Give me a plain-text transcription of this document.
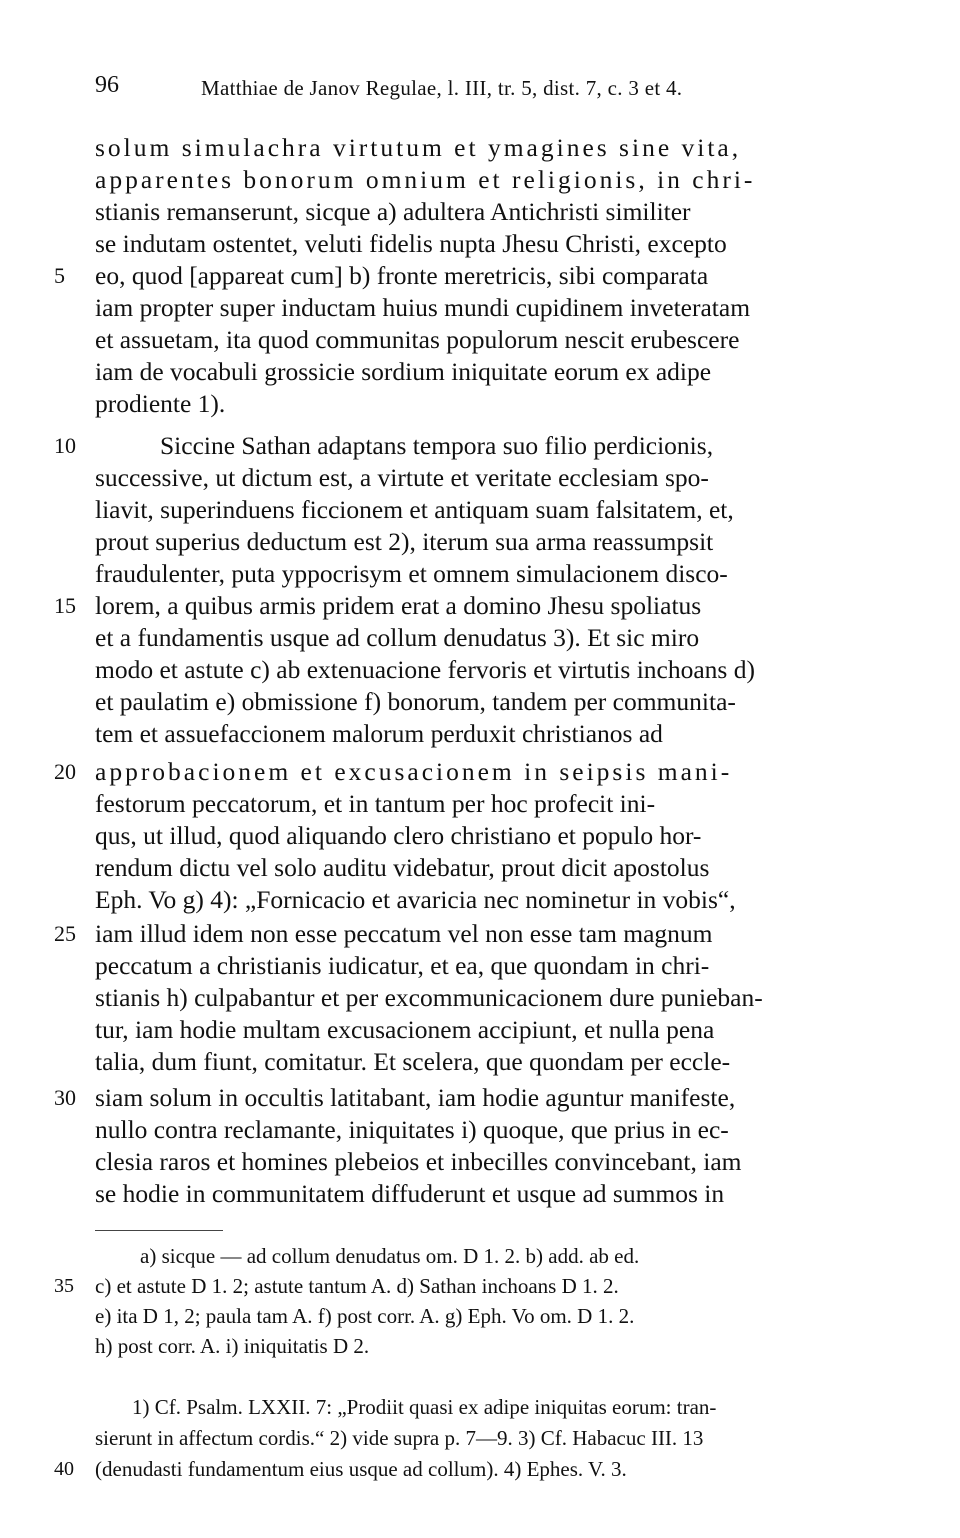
96	Matthiae de Janov Regulae, l. III, tr. 5, dist. 7, c. 3 et 4.
solum simulachra virtutum et ymagines sine vita,
apparentes bonorum omnium et religionis, in chri-
stianis remanserunt, sicque a) adultera Antichristi similiter
se indutam ostentet, veluti fidelis nupta Jhesu Christi, excepto
eo, quod [appareat cum] b) fronte meretricis, sibi comparata
iam propter super inductam huius mundi cupidinem inveteratam
et assuetam, ita quod communitas populorum nescit erubescere
iam de vocabuli grossicie sordium iniquitate eorum ex adipe
prodiente 1).
Siccine Sathan adaptans tempora suo filio perdicionis,
successive, ut dictum est, a virtute et veritate ecclesiam spo-
liavit, superinduens ficcionem et antiquam suam falsitatem, et,
prout superius deductum est 2), iterum sua arma reassumpsit
fraudulenter, puta yppocrisym et omnem simulacionem disco-
lorem, a quibus armis pridem erat a domino Jhesu spoliatus
et a fundamentis usque ad collum denudatus 3). Et sic miro
modo et astute c) ab extenuacione fervoris et virtutis inchoans d)
et paulatim e) obmissione f) bonorum, tandem per communita-
tem et assuefaccionem malorum perduxit christianos ad
approbacionem et excusacionem in seipsis mani-
festorum peccatorum, et in tantum per hoc profecit ini-
qus, ut illud, quod aliquando clero christiano et populo hor-
rendum dictu vel solo auditu videbatur, prout dicit apostolus
Eph. Vo g) 4): „Fornicacio et avaricia nec nominetur in vobis“,
iam illud idem non esse peccatum vel non esse tam magnum
peccatum a christianis iudicatur, et ea, que quondam in chri-
stianis h) culpabantur et per excommunicacionem dure punieban-
tur, iam hodie multam excusacionem accipiunt, et nulla pena
talia, dum fiunt, comitatur. Et scelera, que quondam per eccle-
siam solum in occultis latitabant, iam hodie aguntur manifeste,
nullo contra reclamante, iniquitates i) quoque, que prius in ec-
clesia raros et homines plebeios et inbecilles convincebant, iam
se hodie in communitatem diffuderunt et usque ad summos in
5
10
15
20
25
30
a) sicque — ad collum denudatus om. D 1. 2. b) add. ab ed.
c) et astute D 1. 2; astute tantum A. d) Sathan inchoans D 1. 2.
e) ita D 1, 2; paula tam A. f) post corr. A. g) Eph. Vo om. D 1. 2.
h) post corr. A. i) iniquitatis D 2.
1) Cf. Psalm. LXXII. 7: „Prodiit quasi ex adipe iniquitas eorum: tran-
sierunt in affectum cordis.“ 2) vide supra p. 7—9. 3) Cf. Habacuc III. 13
(denudasti fundamentum eius usque ad collum). 4) Ephes. V. 3.
35
40
